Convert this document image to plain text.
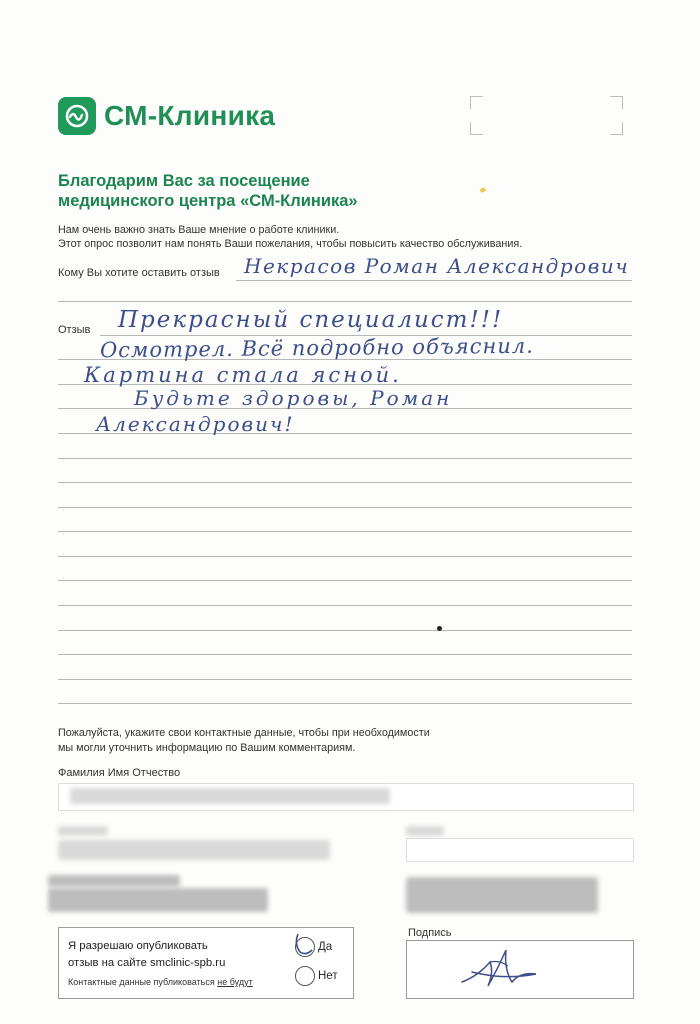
СМ-Клиника
Благодарим Вас за посещение
медицинского центра «СМ-Клиника»
Нам очень важно знать Ваше мнение о работе клиники.
Этот опрос позволит нам понять Ваши пожелания, чтобы повысить качество обслуживания.
Кому Вы хотите оставить отзыв Некрасов Роман Александрович
Отзыв Прекрасный специалист!!!
Осмотрел. Всё подробно объяснил.
Картина стала ясной.
Будьте здоровы, Роман
Александрович!
Пожалуйста, укажите свои контактные данные, чтобы при необходимости
мы могли уточнить информацию по Вашим комментариям.
Фамилия Имя Отчество
Я разрешаю опубликовать
отзыв на сайте smclinic-spb.ru
Контактные данные публиковаться не будут
Да
Нет
Подпись
